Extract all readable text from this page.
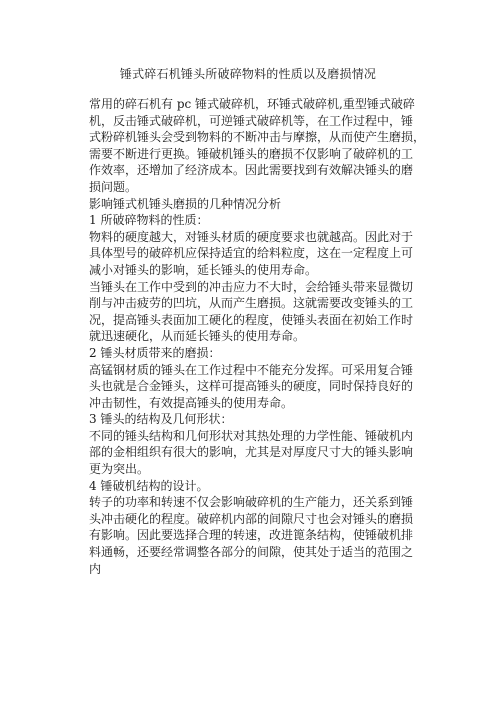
锤式碎石机锤头所破碎物料的性质以及磨损情况
常用的碎石机有 pc 锤式破碎机，环锤式破碎机,重型锤式破碎
机，反击锤式破碎机，可逆锤式破碎机等，在工作过程中，锤
式粉碎机锤头会受到物料的不断冲击与摩擦，从而使产生磨损，
需要不断进行更换。锤破机锤头的磨损不仅影响了破碎机的工
作效率，还增加了经济成本。因此需要找到有效解决锤头的磨
损问题。
影响锤式机锤头磨损的几种情况分析
1 所破碎物料的性质：
物料的硬度越大，对锤头材质的硬度要求也就越高。因此对于
具体型号的破碎机应保持适宜的给料粒度，这在一定程度上可
减小对锤头的影响，延长锤头的使用寿命。
当锤头在工作中受到的冲击应力不大时，会给锤头带来显微切
削与冲击疲劳的凹坑，从而产生磨损。这就需要改变锤头的工
况，提高锤头表面加工硬化的程度，使锤头表面在初始工作时
就迅速硬化，从而延长锤头的使用寿命。
2 锤头材质带来的磨损：
高锰钢材质的锤头在工作过程中不能充分发挥。可采用复合锤
头也就是合金锤头，这样可提高锤头的硬度，同时保持良好的
冲击韧性，有效提高锤头的使用寿命。
3 锤头的结构及几何形状：
不同的锤头结构和几何形状对其热处理的力学性能、锤破机内
部的金相组织有很大的影响，尤其是对厚度尺寸大的锤头影响
更为突出。
4 锤破机结构的设计。
转子的功率和转速不仅会影响破碎机的生产能力，还关系到锤
头冲击硬化的程度。破碎机内部的间隙尺寸也会对锤头的磨损
有影响。因此要选择合理的转速，改进篦条结构，使锤破机排
料通畅，还要经常调整各部分的间隙，使其处于适当的范围之
内
